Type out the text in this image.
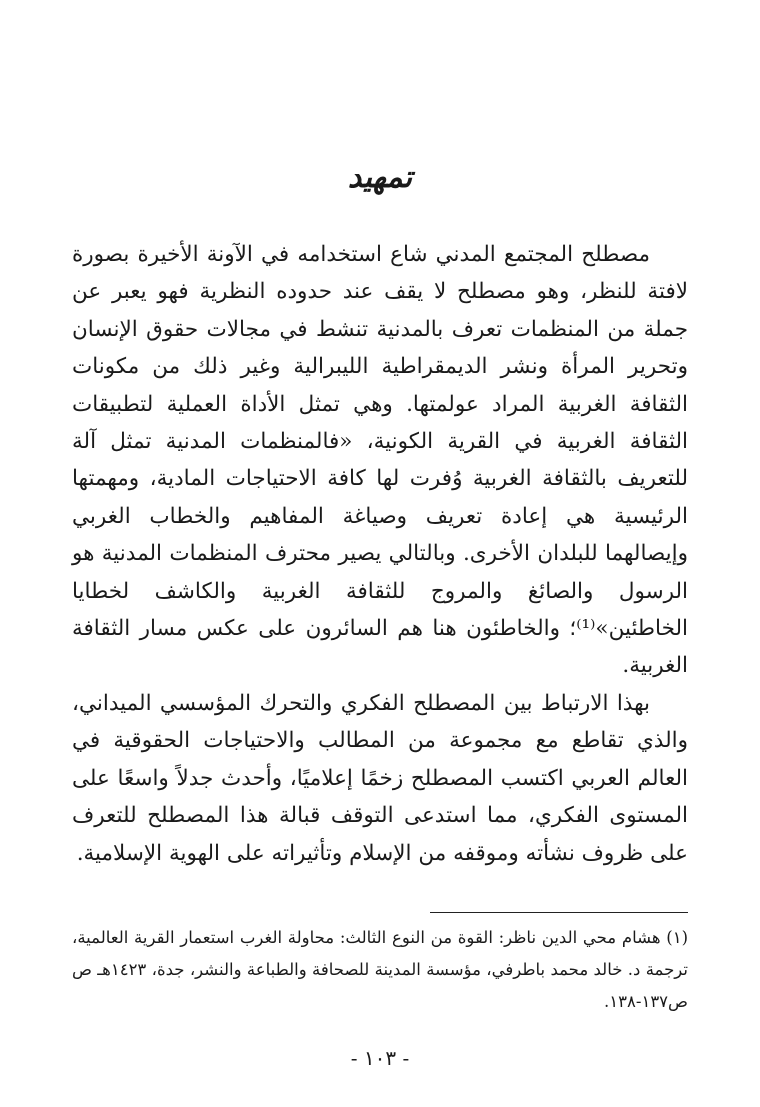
تمهيد

مصطلح المجتمع المدني شاع استخدامه في الآونة الأخيرة بصورة لافتة للنظر، وهو مصطلح لا يقف عند حدوده النظرية فهو يعبر عن جملة من المنظمات تعرف بالمدنية تنشط في مجالات حقوق الإنسان وتحرير المرأة ونشر الديمقراطية الليبرالية وغير ذلك من مكونات الثقافة الغربية المراد عولمتها. وهي تمثل الأداة العملية لتطبيقات الثقافة الغربية في القرية الكونية، «فالمنظمات المدنية تمثل آلة للتعريف بالثقافة الغربية وُفرت لها كافة الاحتياجات المادية، ومهمتها الرئيسية هي إعادة تعريف وصياغة المفاهيم والخطاب الغربي وإيصالهما للبلدان الأخرى. وبالتالي يصير محترف المنظمات المدنية هو الرسول والصائغ والمروج للثقافة الغربية والكاشف لخطايا الخاطئين»⁽¹⁾؛ والخاطئون هنا هم السائرون على عكس مسار الثقافة الغربية.

بهذا الارتباط بين المصطلح الفكري والتحرك المؤسسي الميداني، والذي تقاطع مع مجموعة من المطالب والاحتياجات الحقوقية في العالم العربي اكتسب المصطلح زخمًا إعلاميًا، وأحدث جدلاً واسعًا على المستوى الفكري، مما استدعى التوقف قبالة هذا المصطلح للتعرف على ظروف نشأته وموقفه من الإسلام وتأثيراته على الهوية الإسلامية.

(١) هشام محي الدين ناظر: القوة من النوع الثالث: محاولة الغرب استعمار القرية العالمية، ترجمة د. خالد محمد باطرفي، مؤسسة المدينة للصحافة والطباعة والنشر، جدة، ١٤٢٣هـ ص ص١٣٧-١٣٨.

- ١٠٣ -
